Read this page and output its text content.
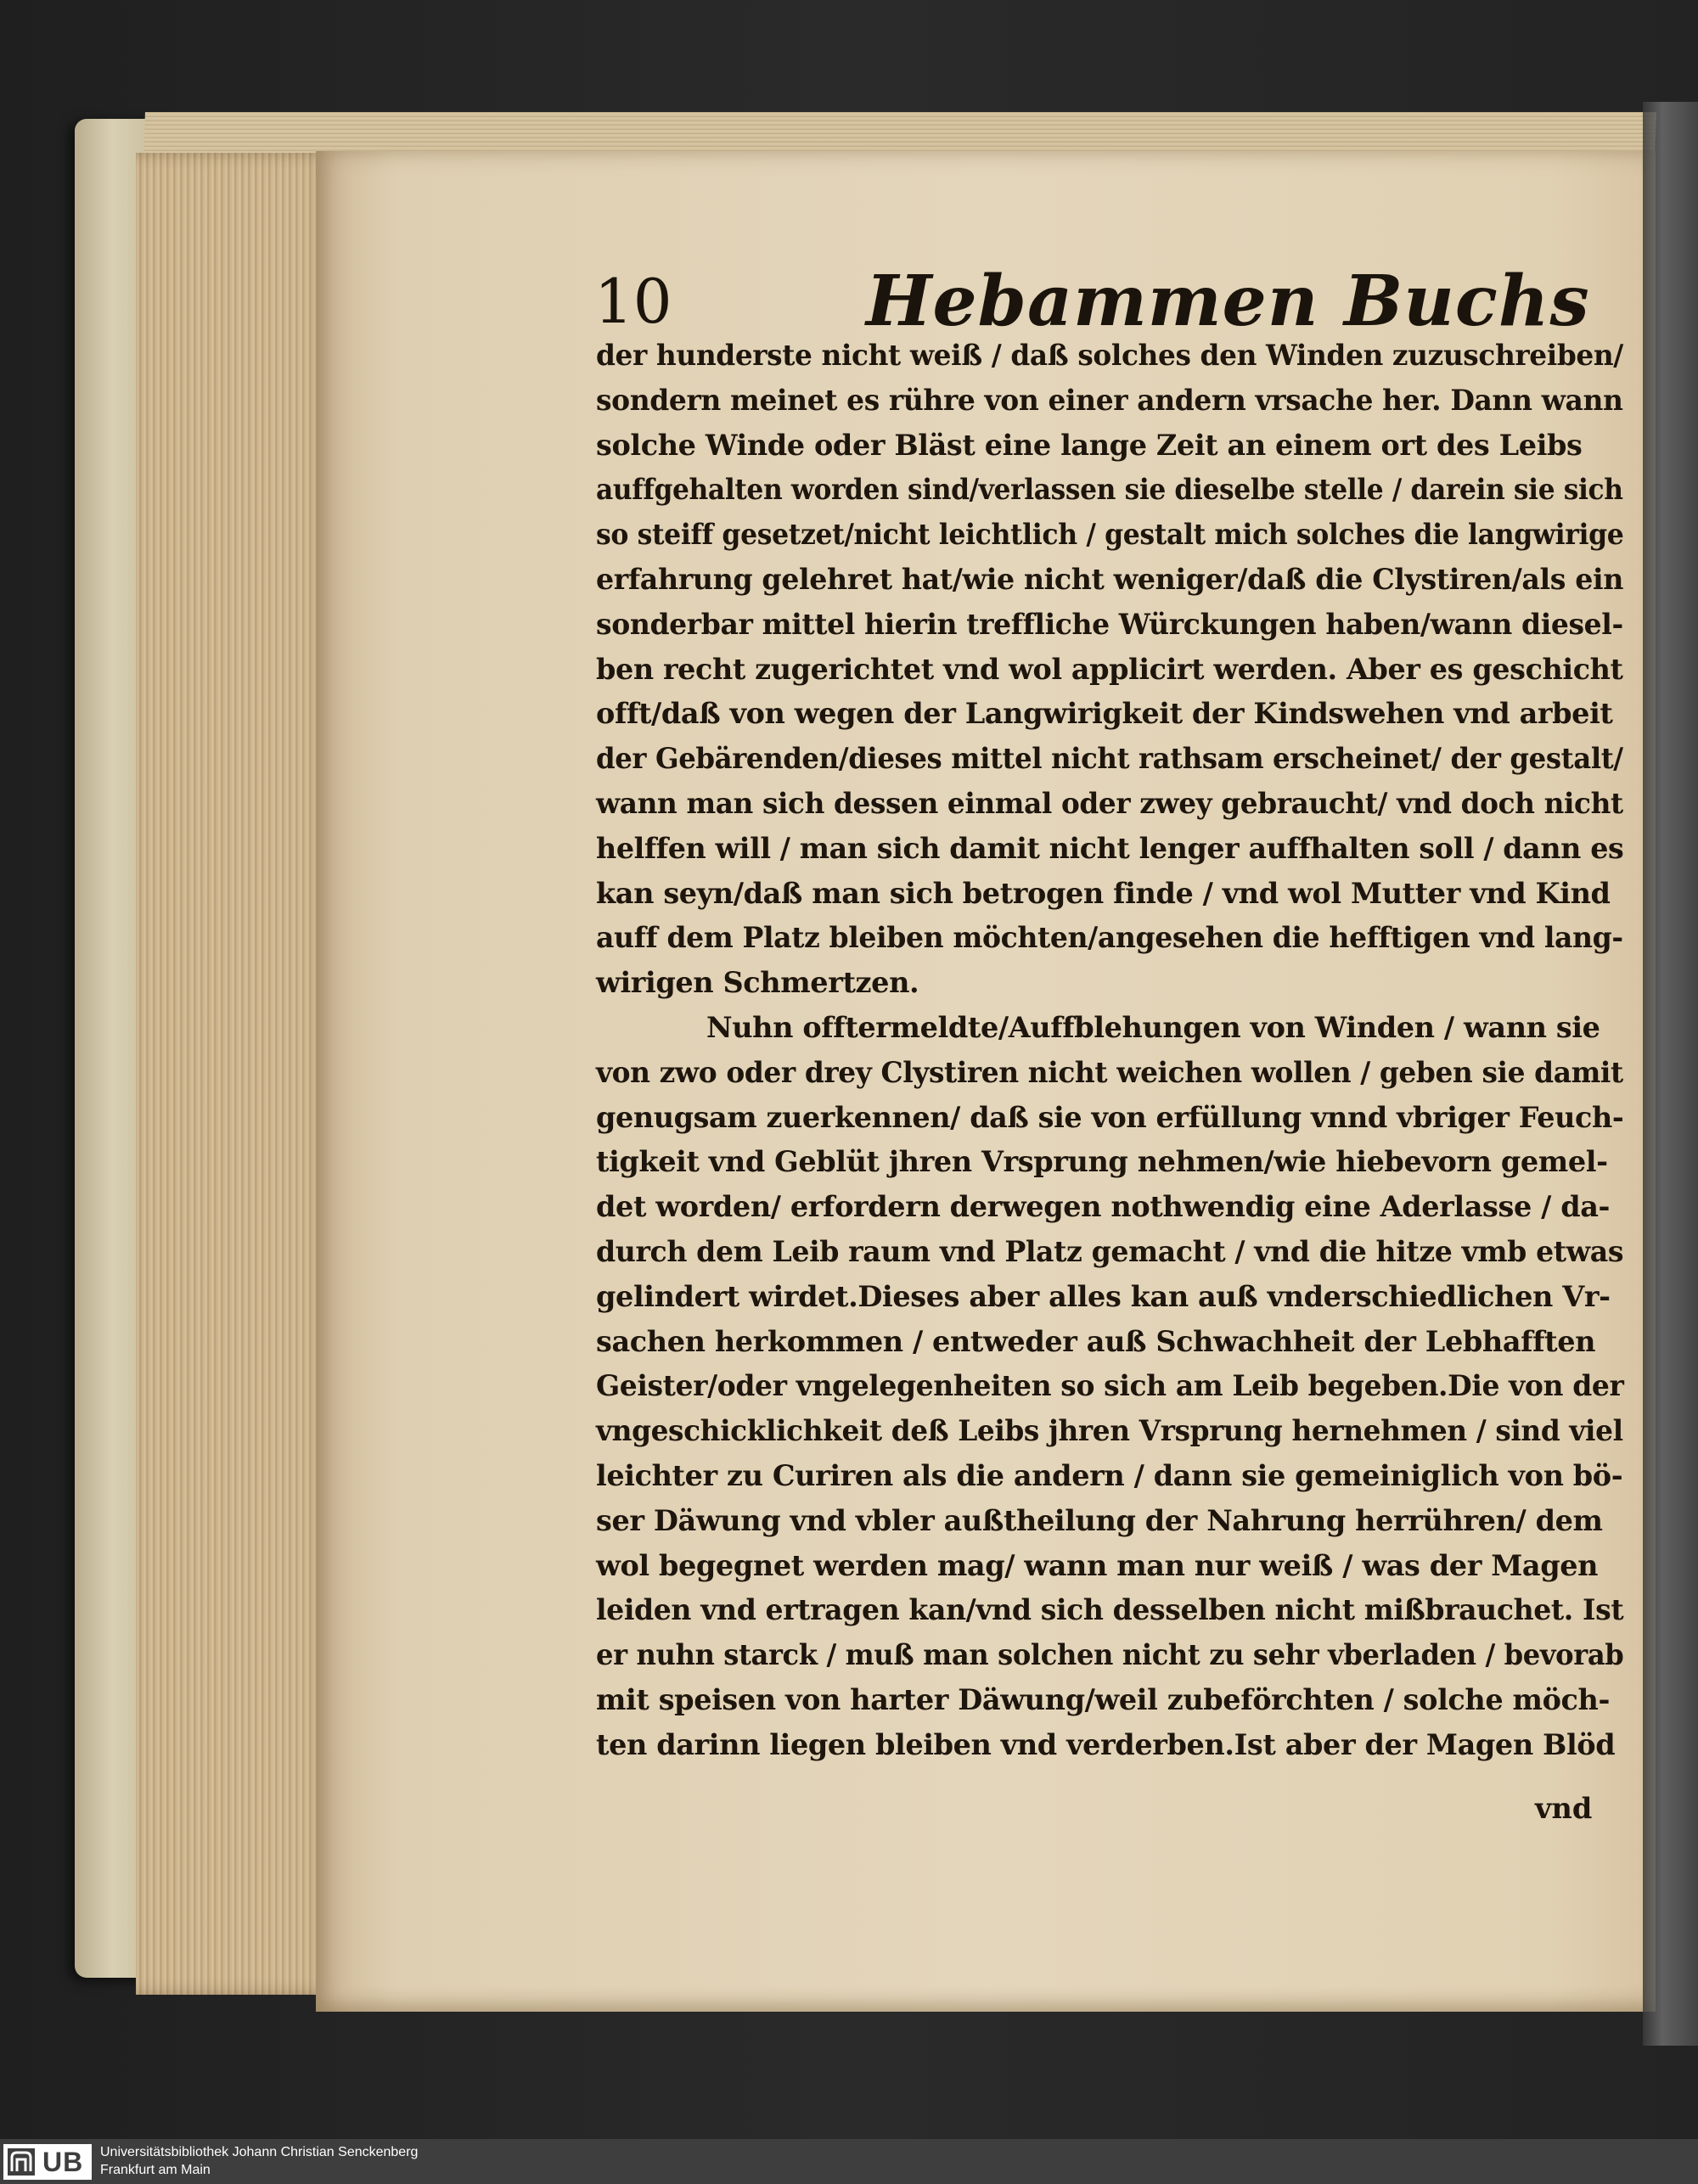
10	Hebammen Buchs
der hunderste nicht weiß / daß solches den Winden zuzuschreiben/
sondern meinet es rühre von einer andern vrsache her. Dann wann
solche Winde oder Bläst eine lange Zeit an einem ort des Leibs
auffgehalten worden sind/verlassen sie dieselbe stelle / darein sie sich
so steiff gesetzet/nicht leichtlich / gestalt mich solches die langwirige
erfahrung gelehret hat/wie nicht weniger/daß die Clystiren/als ein
sonderbar mittel hierin treffliche Würckungen haben/wann diesel-
ben recht zugerichtet vnd wol applicirt werden. Aber es geschicht
offt/daß von wegen der Langwirigkeit der Kindswehen vnd arbeit
der Gebärenden/dieses mittel nicht rathsam erscheinet/ der gestalt/
wann man sich dessen einmal oder zwey gebraucht/ vnd doch nicht
helffen will / man sich damit nicht lenger auffhalten soll / dann es
kan seyn/daß man sich betrogen finde / vnd wol Mutter vnd Kind
auff dem Platz bleiben möchten/angesehen die hefftigen vnd lang-
wirigen Schmertzen.
Nuhn offtermeldte/Auffblehungen von Winden / wann sie
von zwo oder drey Clystiren nicht weichen wollen / geben sie damit
genugsam zuerkennen/ daß sie von erfüllung vnnd vbriger Feuch-
tigkeit vnd Geblüt jhren Vrsprung nehmen/wie hiebevorn gemel-
det worden/ erfordern derwegen nothwendig eine Aderlasse / da-
durch dem Leib raum vnd Platz gemacht / vnd die hitze vmb etwas
gelindert wirdet.Dieses aber alles kan auß vnderschiedlichen Vr-
sachen herkommen / entweder auß Schwachheit der Lebhafften
Geister/oder vngelegenheiten so sich am Leib begeben.Die von der
vngeschicklichkeit deß Leibs jhren Vrsprung hernehmen / sind viel
leichter zu Curiren als die andern / dann sie gemeiniglich von bö-
ser Däwung vnd vbler außtheilung der Nahrung herrühren/ dem
wol begegnet werden mag/ wann man nur weiß / was der Magen
leiden vnd ertragen kan/vnd sich desselben nicht mißbrauchet. Ist
er nuhn starck / muß man solchen nicht zu sehr vberladen / bevorab
mit speisen von harter Däwung/weil zubeförchten / solche möch-
ten darinn liegen bleiben vnd verderben.Ist aber der Magen Blöd
vnd
UB Universitätsbibliothek Johann Christian Senckenberg
Frankfurt am Main
